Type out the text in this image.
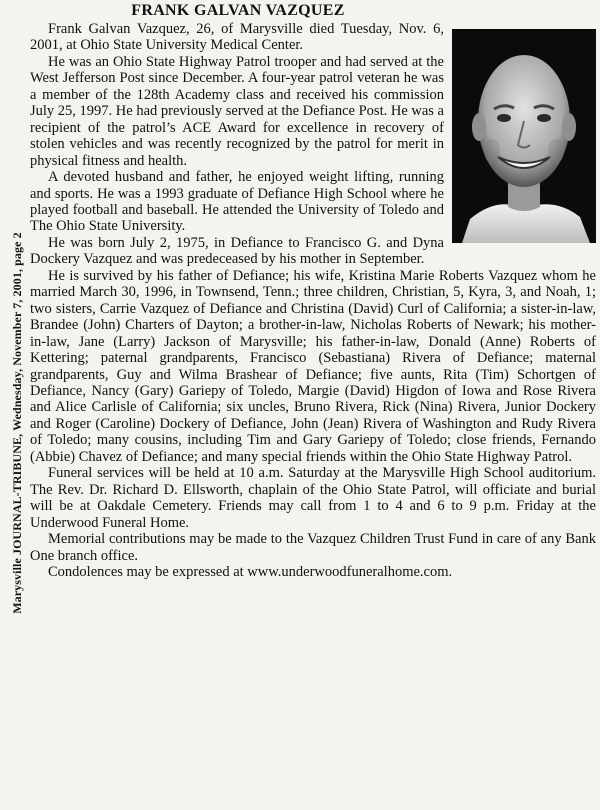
Marysville JOURNAL-TRIBUNE, Wednesday, November 7, 2001, page 2
FRANK GALVAN VAZQUEZ

Frank Galvan Vazquez, 26, of Marysville died Tuesday, Nov. 6, 2001, at Ohio State University Medical Center.

He was an Ohio State Highway Patrol trooper and had served at the West Jefferson Post since December. A four-year patrol veteran he was a member of the 128th Academy class and received his commission July 25, 1997. He had previously served at the Defiance Post. He was a recipient of the patrol’s ACE Award for excellence in recovery of stolen vehicles and was recently recognized by the patrol for merit in physical fitness and health.

A devoted husband and father, he enjoyed weight lifting, running and sports. He was a 1993 graduate of Defiance High School where he played football and baseball. He attended the University of Toledo and The Ohio State University.

He was born July 2, 1975, in Defiance to Francisco G. and Dyna Dockery Vazquez and was predeceased by his mother in September.

He is survived by his father of Defiance; his wife, Kristina Marie Roberts Vazquez whom he married March 30, 1996, in Townsend, Tenn.; three children, Christian, 5, Kyra, 3, and Noah, 1; two sisters, Carrie Vazquez of Defiance and Christina (David) Curl of California; a sister-in-law, Brandee (John) Charters of Dayton; a brother-in-law, Nicholas Roberts of Newark; his mother-in-law, Jane (Larry) Jackson of Marysville; his father-in-law, Donald (Anne) Roberts of Kettering; paternal grandparents, Francisco (Sebastiana) Rivera of Defiance; maternal grandparents, Guy and Wilma Brashear of Defiance; five aunts, Rita (Tim) Schortgen of Defiance, Nancy (Gary) Gariepy of Toledo, Margie (David) Higdon of Iowa and Rose Rivera and Alice Carlisle of California; six uncles, Bruno Rivera, Rick (Nina) Rivera, Junior Dockery and Roger (Caroline) Dockery of Defiance, John (Jean) Rivera of Washington and Rudy Rivera of Toledo; many cousins, including Tim and Gary Gariepy of Toledo; close friends, Fernando (Abbie) Chavez of Defiance; and many special friends within the Ohio State Highway Patrol.

Funeral services will be held at 10 a.m. Saturday at the Marysville High School auditorium. The Rev. Dr. Richard D. Ellsworth, chaplain of the Ohio State Patrol, will officiate and burial will be at Oakdale Cemetery. Friends may call from 1 to 4 and 6 to 9 p.m. Friday at the Underwood Funeral Home.

Memorial contributions may be made to the Vazquez Children Trust Fund in care of any Bank One branch office.

Condolences may be expressed at www.underwoodfuneralhome.com.
